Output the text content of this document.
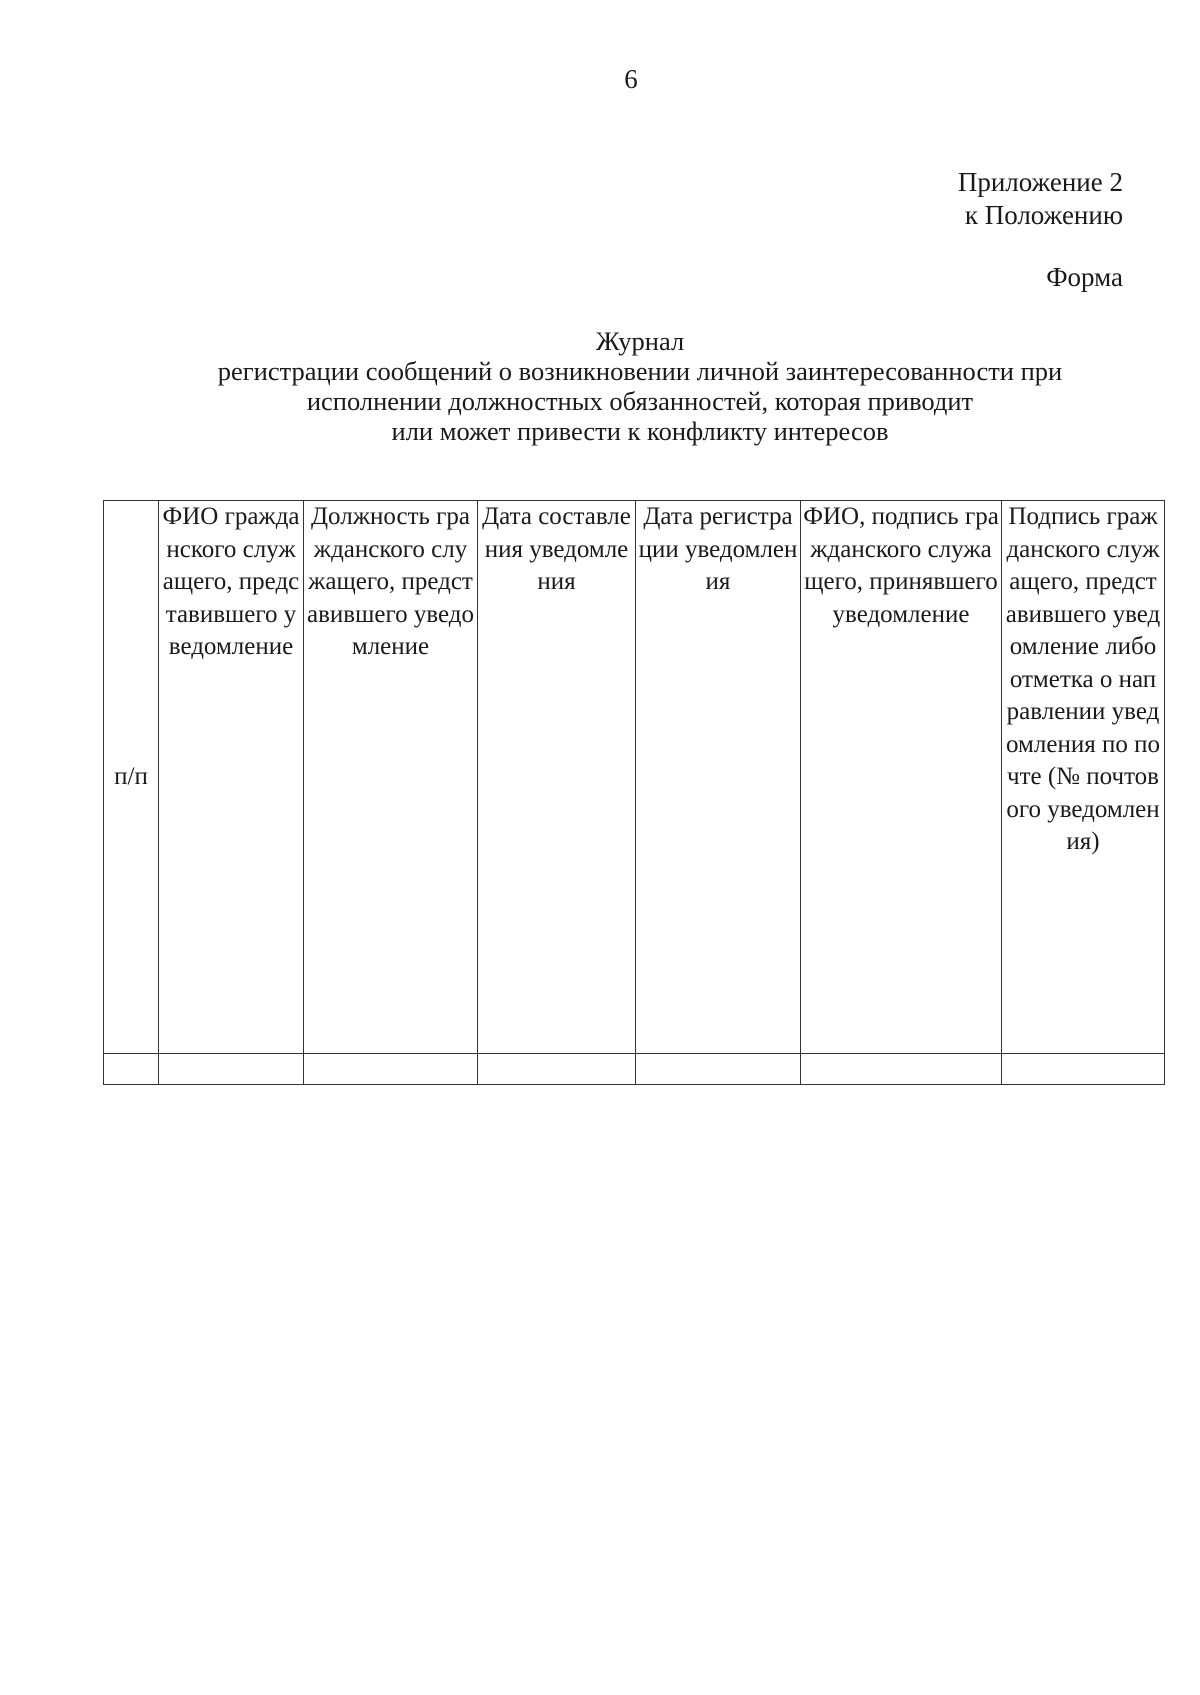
6
Приложение 2
к Положению
Форма
Журнал
регистрации сообщений о возникновении личной заинтересованности при
исполнении должностных обязанностей, которая приводит
или может привести к конфликту интересов
п/п	ФИО гражданского служащего, представившего уведомление	Должность гражданского служащего, представившего уведомление	Дата составления уведомления	Дата регистрации уведомления	ФИО, подпись гражданского служащего, принявшего уведомление	Подпись гражданского служащего, представившего уведомление либо отметка о направлении уведомления по почте (№ почтового уведомления)
